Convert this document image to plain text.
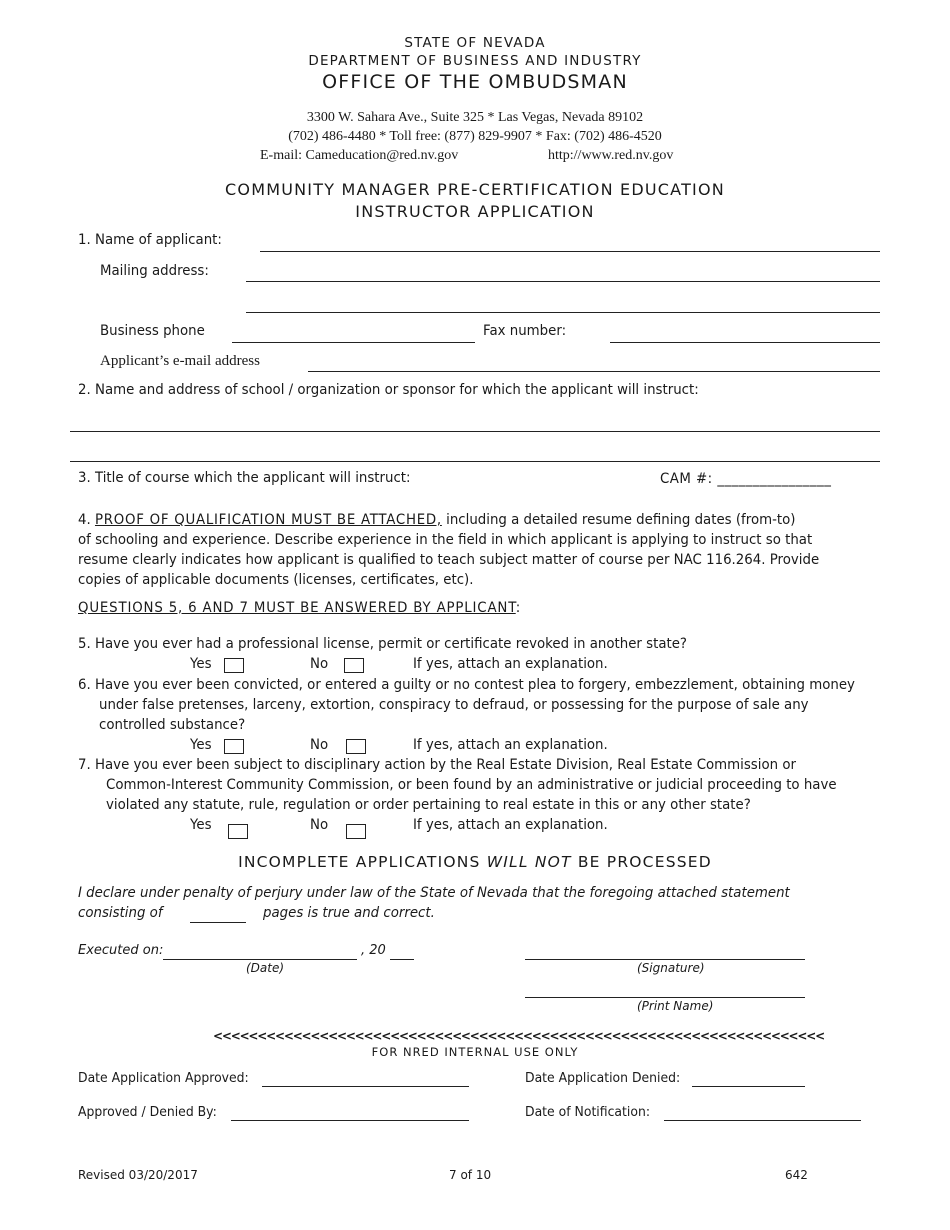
STATE OF NEVADA
DEPARTMENT OF BUSINESS AND INDUSTRY
OFFICE OF THE OMBUDSMAN
3300 W. Sahara Ave., Suite 325 * Las Vegas, Nevada 89102
(702) 486-4480 * Toll free: (877) 829-9907 * Fax: (702) 486-4520
E-mail: Cameducation@red.nv.gov	http://www.red.nv.gov
COMMUNITY MANAGER PRE-CERTIFICATION EDUCATION
INSTRUCTOR APPLICATION
1. Name of applicant:
Mailing address:
Business phone	Fax number:
Applicant’s e-mail address
2. Name and address of school / organization or sponsor for which the applicant will instruct:
3. Title of course which the applicant will instruct:	CAM #: ________________
4. PROOF OF QUALIFICATION MUST BE ATTACHED, including a detailed resume defining dates (from-to)
of schooling and experience. Describe experience in the field in which applicant is applying to instruct so that
resume clearly indicates how applicant is qualified to teach subject matter of course per NAC 116.264. Provide
copies of applicable documents (licenses, certificates, etc).
QUESTIONS 5, 6 AND 7 MUST BE ANSWERED BY APPLICANT:
5. Have you ever had a professional license, permit or certificate revoked in another state?
Yes	No	If yes, attach an explanation.
6. Have you ever been convicted, or entered a guilty or no contest plea to forgery, embezzlement, obtaining money
under false pretenses, larceny, extortion, conspiracy to defraud, or possessing for the purpose of sale any
controlled substance?
Yes	No	If yes, attach an explanation.
7. Have you ever been subject to disciplinary action by the Real Estate Division, Real Estate Commission or
Common-Interest Community Commission, or been found by an administrative or judicial proceeding to have
violated any statute, rule, regulation or order pertaining to real estate in this or any other state?
Yes	No	If yes, attach an explanation.
INCOMPLETE APPLICATIONS WILL NOT BE PROCESSED
I declare under penalty of perjury under law of the State of Nevada that the foregoing attached statement
consisting of	pages is true and correct.
Executed on:	, 20
(Date)	(Signature)
(Print Name)
<<<<<<<<<<<<<<<<<<<<<<<<<<<<<<<<<<<<<<<<<<<<<<<<<<<<<<<<<<<<<<<<<<<<<
FOR NRED INTERNAL USE ONLY
Date Application Approved:	Date Application Denied:
Approved / Denied By:	Date of Notification:
Revised 03/20/2017	7 of 10	642
